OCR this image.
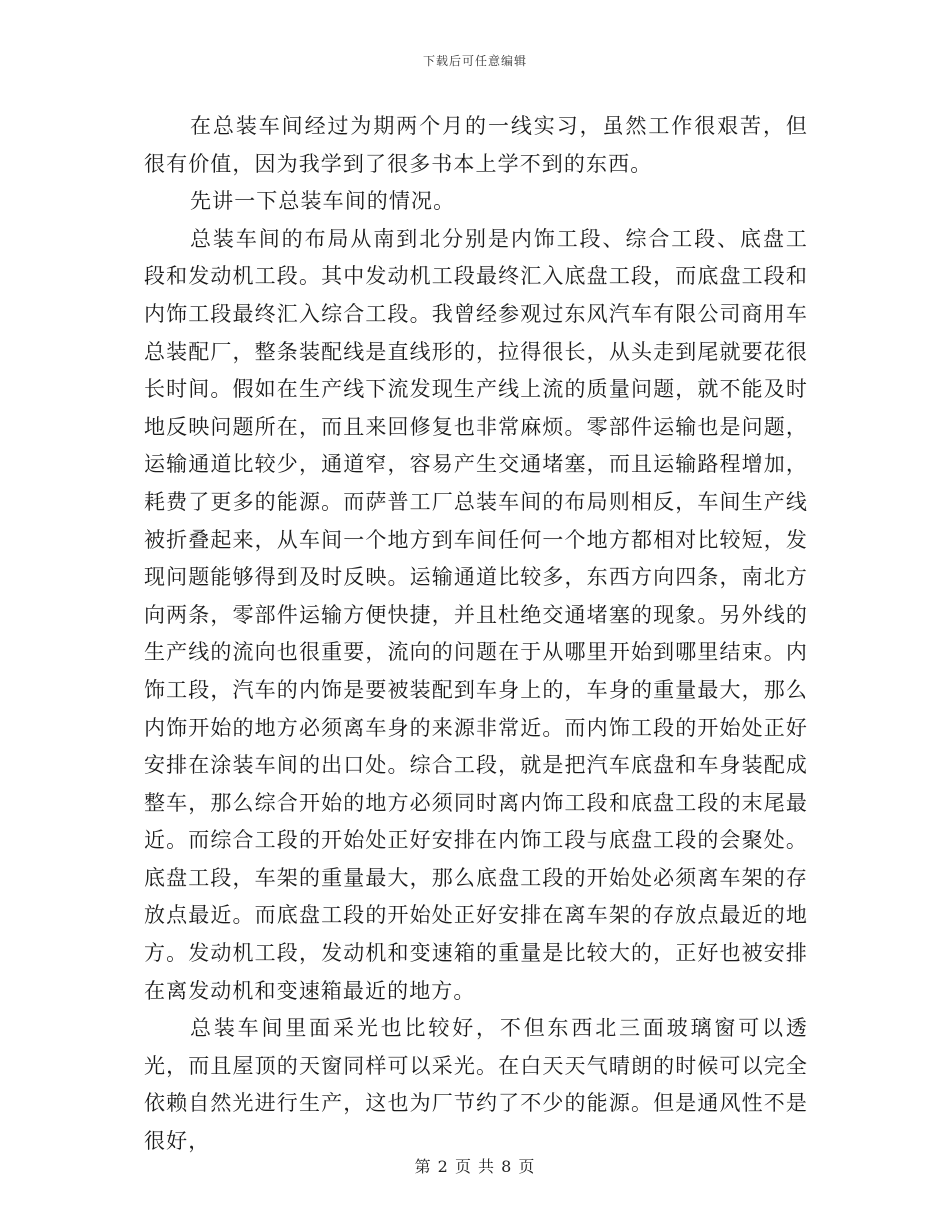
下载后可任意编辑

在总装车间经过为期两个月的一线实习，虽然工作很艰苦，但很有价值，因为我学到了很多书本上学不到的东西。

先讲一下总装车间的情况。

总装车间的布局从南到北分别是内饰工段、综合工段、底盘工段和发动机工段。其中发动机工段最终汇入底盘工段，而底盘工段和内饰工段最终汇入综合工段。我曾经参观过东风汽车有限公司商用车总装配厂，整条装配线是直线形的，拉得很长，从头走到尾就要花很长时间。假如在生产线下流发现生产线上流的质量问题，就不能及时地反映问题所在，而且来回修复也非常麻烦。零部件运输也是问题，运输通道比较少，通道窄，容易产生交通堵塞，而且运输路程增加，耗费了更多的能源。而萨普工厂总装车间的布局则相反，车间生产线被折叠起来，从车间一个地方到车间任何一个地方都相对比较短，发现问题能够得到及时反映。运输通道比较多，东西方向四条，南北方向两条，零部件运输方便快捷，并且杜绝交通堵塞的现象。另外线的生产线的流向也很重要，流向的问题在于从哪里开始到哪里结束。内饰工段，汽车的内饰是要被装配到车身上的，车身的重量最大，那么内饰开始的地方必须离车身的来源非常近。而内饰工段的开始处正好安排在涂装车间的出口处。综合工段，就是把汽车底盘和车身装配成整车，那么综合开始的地方必须同时离内饰工段和底盘工段的末尾最近。而综合工段的开始处正好安排在内饰工段与底盘工段的会聚处。底盘工段，车架的重量最大，那么底盘工段的开始处必须离车架的存放点最近。而底盘工段的开始处正好安排在离车架的存放点最近的地方。发动机工段，发动机和变速箱的重量是比较大的，正好也被安排在离发动机和变速箱最近的地方。

总装车间里面采光也比较好，不但东西北三面玻璃窗可以透光，而且屋顶的天窗同样可以采光。在白天天气晴朗的时候可以完全依赖自然光进行生产，这也为厂节约了不少的能源。但是通风性不是很好，

第 2 页 共 8 页
